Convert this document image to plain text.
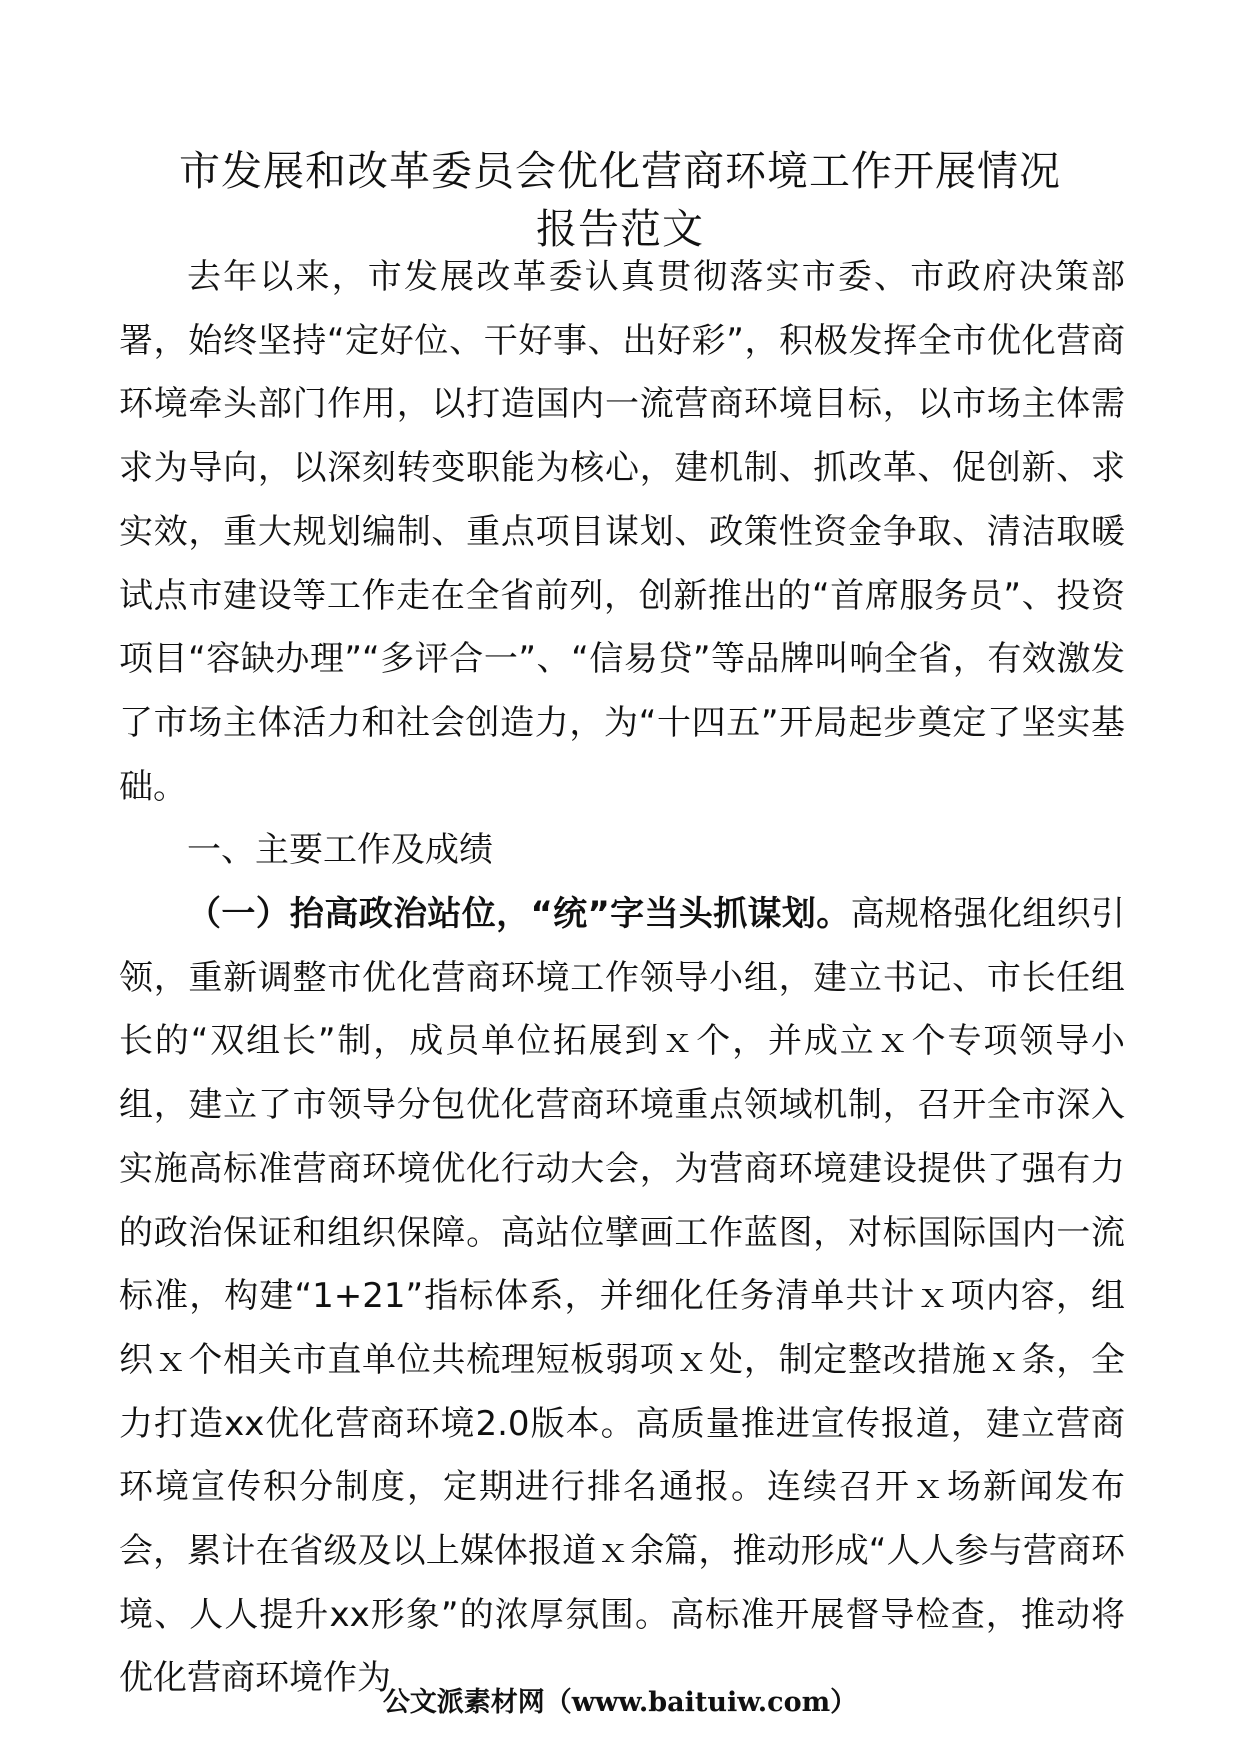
市发展和改革委员会优化营商环境工作开展情况
报告范文

去年以来，市发展改革委认真贯彻落实市委、市政府决策部署，始终坚持“定好位、干好事、出好彩”，积极发挥全市优化营商环境牵头部门作用，以打造国内一流营商环境目标，以市场主体需求为导向，以深刻转变职能为核心，建机制、抓改革、促创新、求实效，重大规划编制、重点项目谋划、政策性资金争取、清洁取暖试点市建设等工作走在全省前列，创新推出的“首席服务员”、投资项目“容缺办理”“多评合一”、“信易贷”等品牌叫响全省，有效激发了市场主体活力和社会创造力，为“十四五”开局起步奠定了坚实基础。

一、主要工作及成绩

（一）抬高政治站位，“统”字当头抓谋划。高规格强化组织引领，重新调整市优化营商环境工作领导小组，建立书记、市长任组长的“双组长”制，成员单位拓展到ｘ个，并成立ｘ个专项领导小组，建立了市领导分包优化营商环境重点领域机制，召开全市深入实施高标准营商环境优化行动大会，为营商环境建设提供了强有力的政治保证和组织保障。高站位擘画工作蓝图，对标国际国内一流标准，构建“1+21”指标体系，并细化任务清单共计ｘ项内容，组织ｘ个相关市直单位共梳理短板弱项ｘ处，制定整改措施ｘ条，全力打造xx优化营商环境2.0版本。高质量推进宣传报道，建立营商环境宣传积分制度，定期进行排名通报。连续召开ｘ场新闻发布会，累计在省级及以上媒体报道ｘ余篇，推动形成“人人参与营商环境、人人提升xx形象”的浓厚氛围。高标准开展督导检查，推动将优化营商环境作为

公文派素材网（www.baituiw.com）
